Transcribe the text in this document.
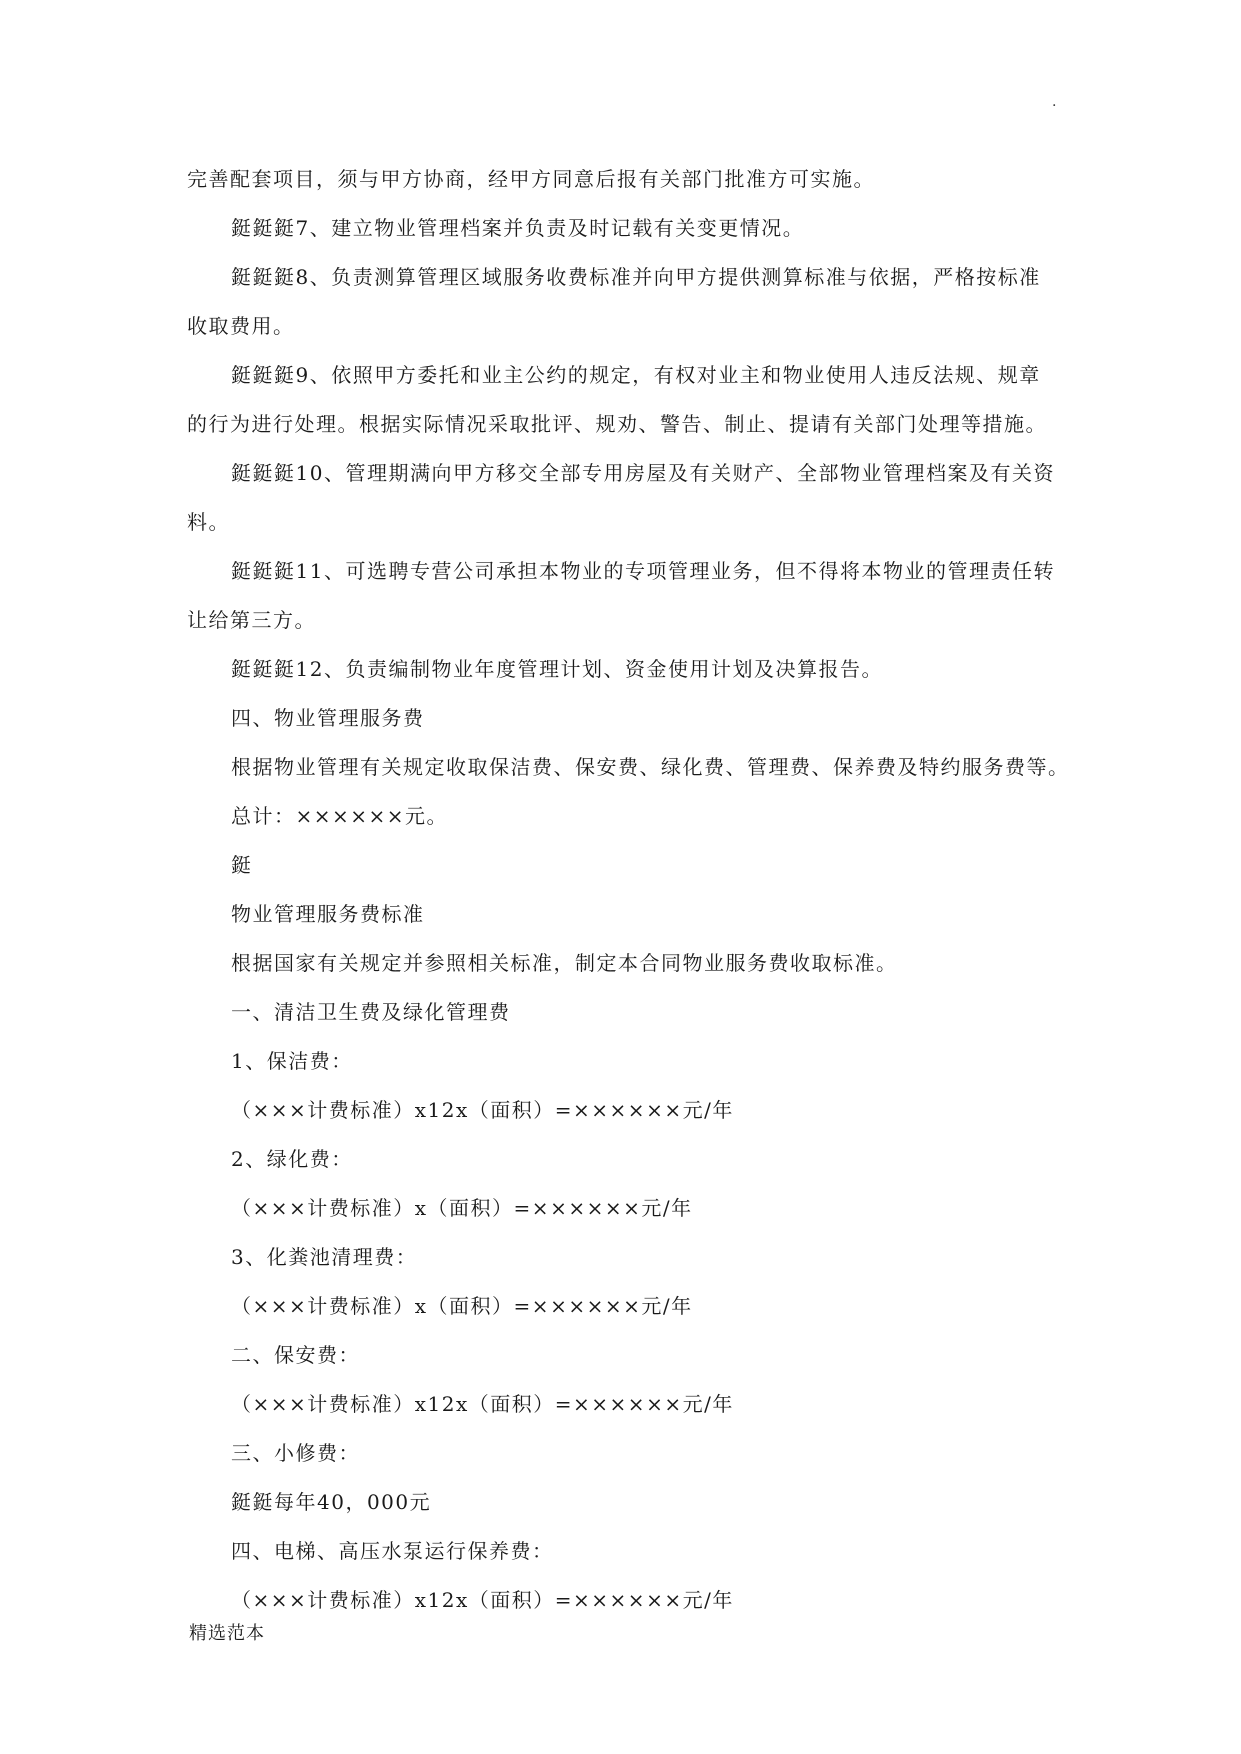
.

完善配套项目，须与甲方协商，经甲方同意后报有关部门批准方可实施。

鋌鋌鋌7、建立物业管理档案并负责及时记载有关变更情况。

鋌鋌鋌8、负责测算管理区域服务收费标准并向甲方提供测算标准与依据，严格按标准收取费用。

鋌鋌鋌9、依照甲方委托和业主公约的规定，有权对业主和物业使用人违反法规、规章的行为进行处理。根据实际情况采取批评、规劝、警告、制止、提请有关部门处理等措施。

鋌鋌鋌10、管理期满向甲方移交全部专用房屋及有关财产、全部物业管理档案及有关资料。

鋌鋌鋌11、可选聘专营公司承担本物业的专项管理业务，但不得将本物业的管理责任转让给第三方。

鋌鋌鋌12、负责编制物业年度管理计划、资金使用计划及决算报告。

四、物业管理服务费

根据物业管理有关规定收取保洁费、保安费、绿化费、管理费、保养费及特约服务费等。

总计：××××××元。

鋌

物业管理服务费标准

根据国家有关规定并参照相关标准，制定本合同物业服务费收取标准。

一、清洁卫生费及绿化管理费

1、保洁费：

（×××计费标准）x12x（面积）=××××××元/年

2、绿化费：

（×××计费标准）x（面积）=××××××元/年

3、化粪池清理费：

（×××计费标准）x（面积）=××××××元/年

二、保安费：

（×××计费标准）x12x（面积）=××××××元/年

三、小修费：

鋌鋌每年40，000元

四、电梯、高压水泵运行保养费：

（×××计费标准）x12x（面积）=××××××元/年

精选范本
